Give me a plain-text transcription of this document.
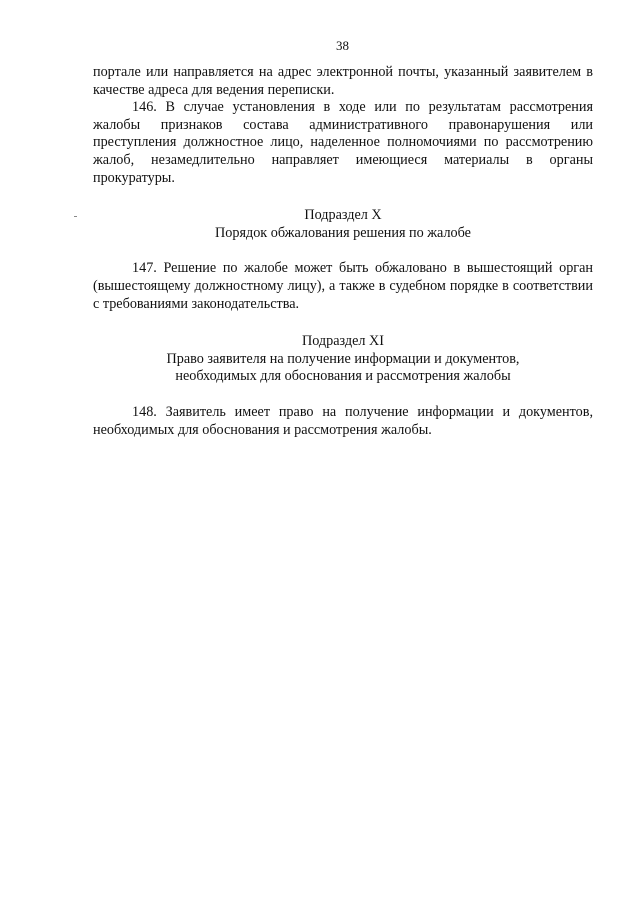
38

порталe или направляется на адрес электронной почты, указанный заявителем в качестве адреса для ведения переписки.

146. В случае установления в ходе или по результатам рассмотрения жалобы признаков состава административного правонарушения или преступления должностное лицо, наделенное полномочиями по рассмотрению жалоб, незамедлительно направляет имеющиеся материалы в органы прокуратуры.

Подраздел X

Порядок обжалования решения по жалобе

147. Решение по жалобе может быть обжаловано в вышестоящий орган (вышестоящему должностному лицу), а также в судебном порядке в соответствии с требованиями законодательства.

Подраздел XI

Право заявителя на получение информации и документов,

необходимых для обоснования и рассмотрения жалобы

148. Заявитель имеет право на получение информации и документов, необходимых для обоснования и рассмотрения жалобы.
